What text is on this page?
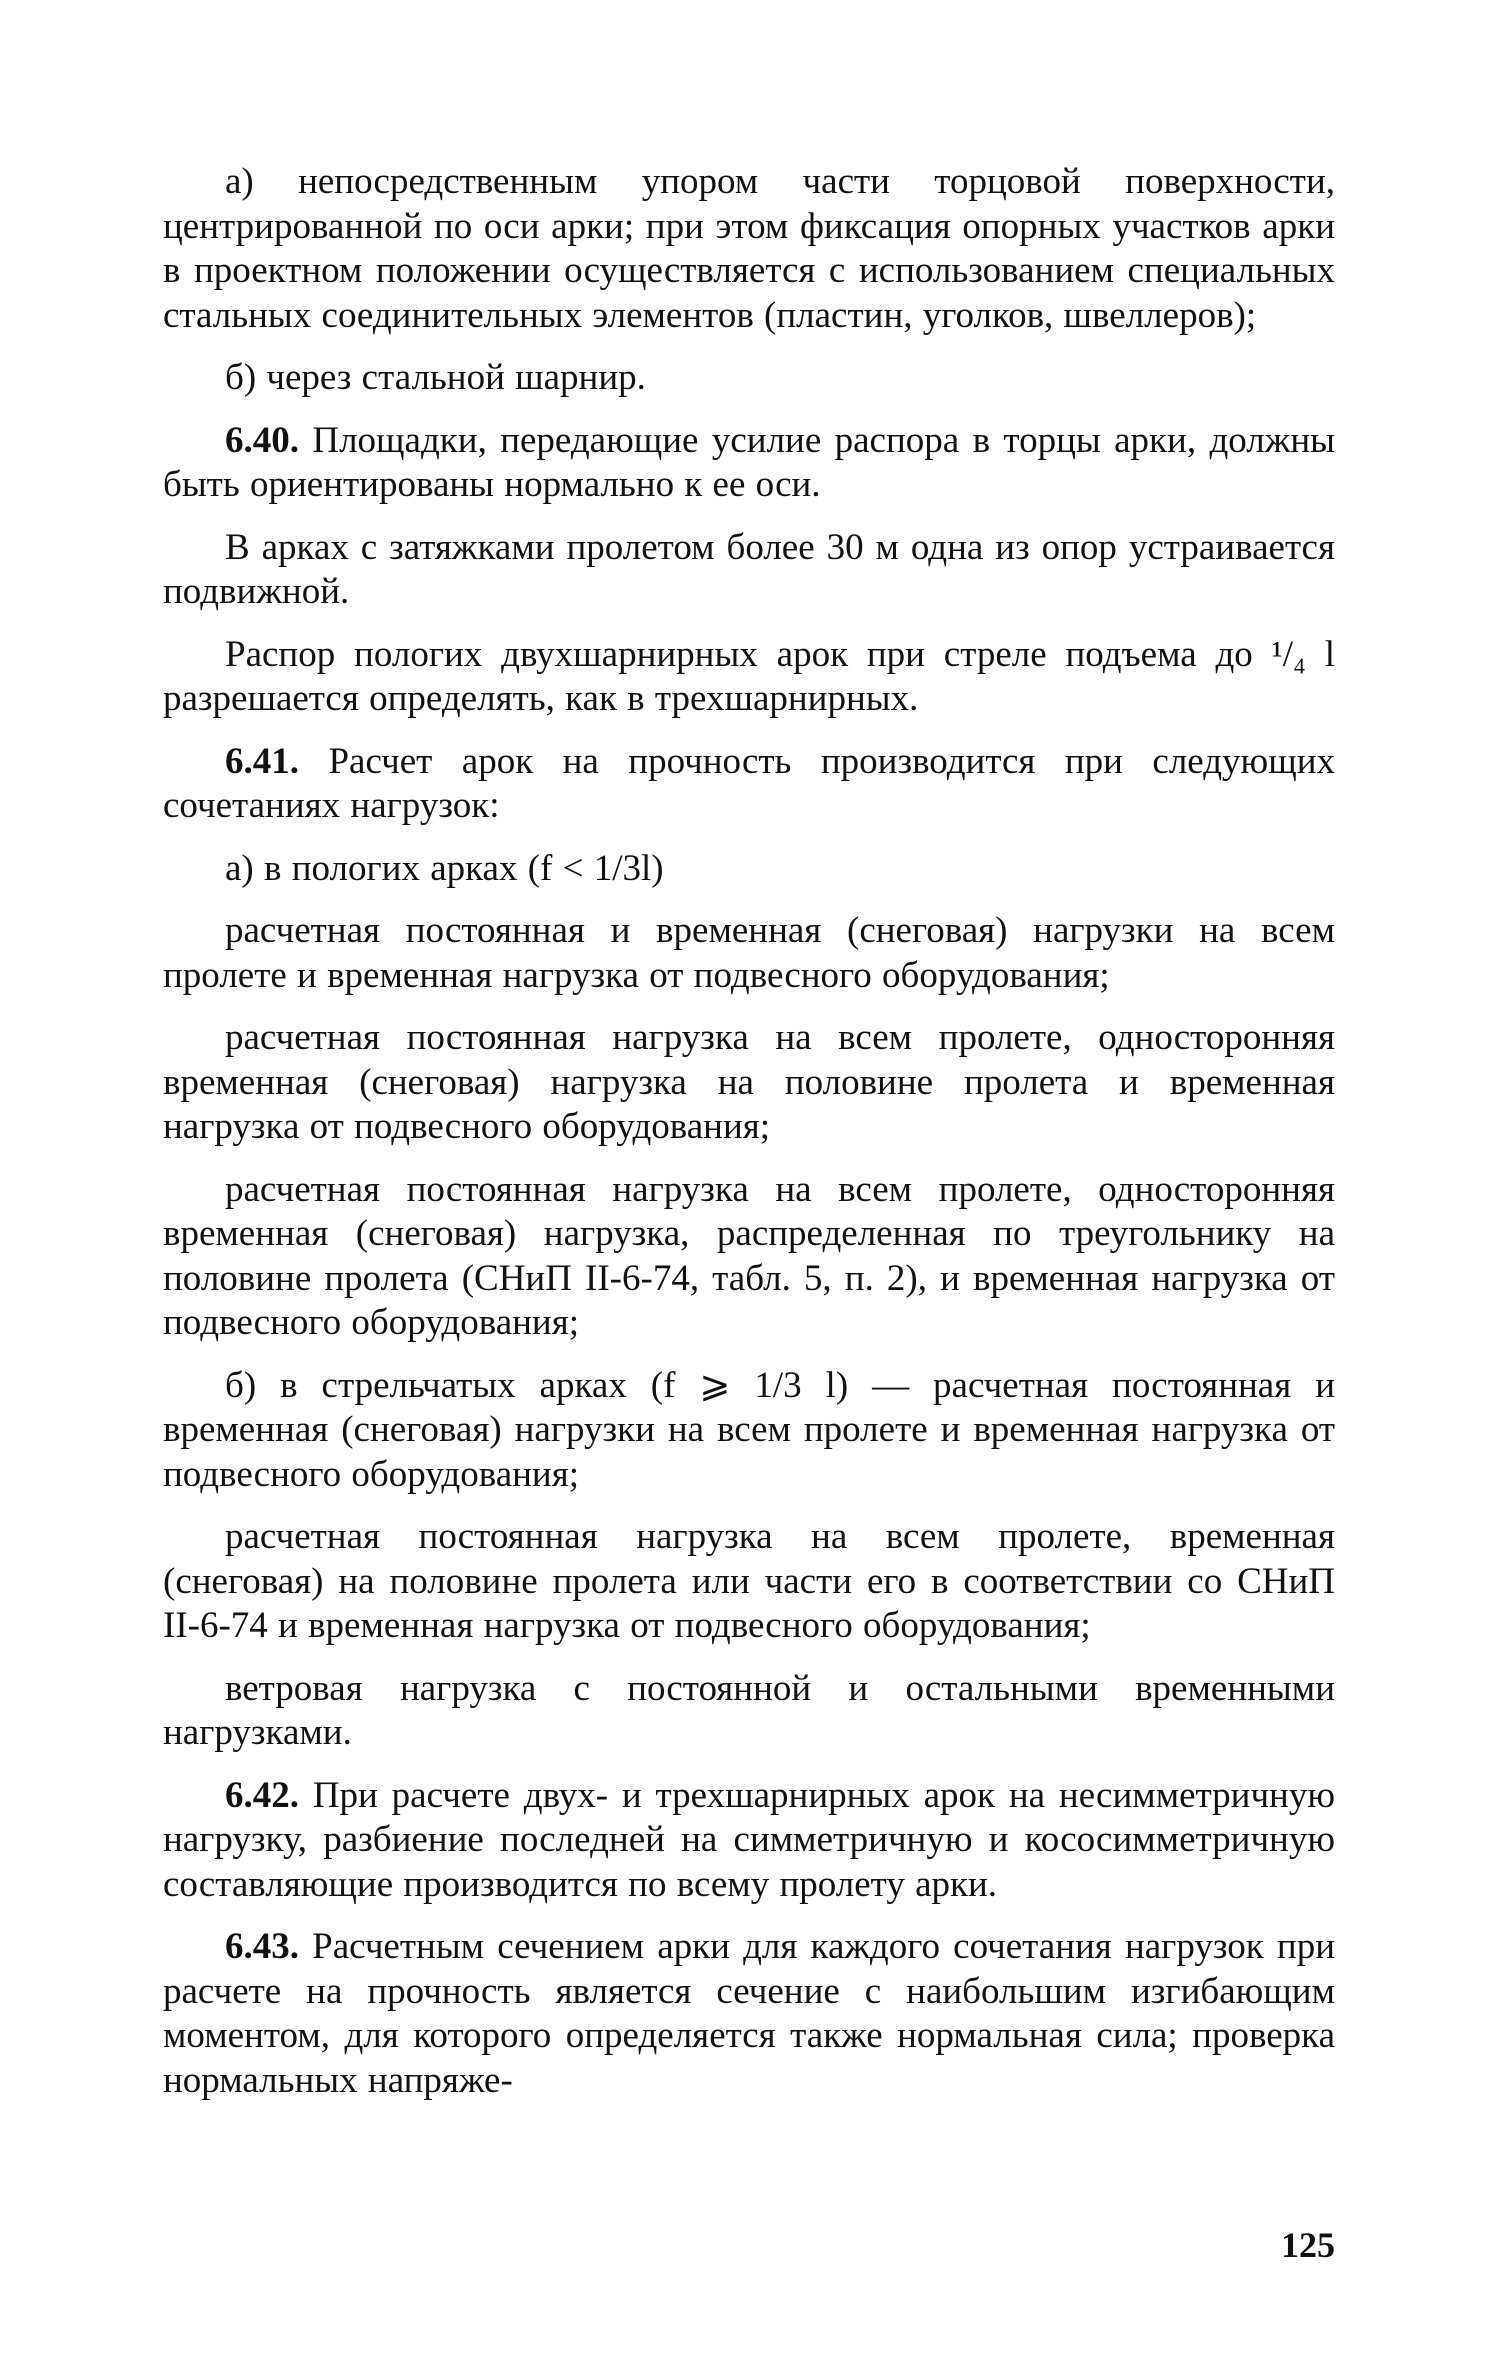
а) непосредственным упором части торцовой поверхности, центрированной по оси арки; при этом фиксация опорных участков арки в проектном положении осуществляется с использованием специальных стальных соединительных элементов (пластин, уголков, швеллеров);

б) через стальной шарнир.

6.40. Площадки, передающие усилие распора в торцы арки, должны быть ориентированы нормально к ее оси.

В арках с затяжками пролетом более 30 м одна из опор устраивается подвижной.

Распор пологих двухшарнирных арок при стреле подъема до ¹/₄ l разрешается определять, как в трехшарнирных.

6.41. Расчет арок на прочность производится при следующих сочетаниях нагрузок:

а) в пологих арках (f < 1/3l)

расчетная постоянная и временная (снеговая) нагрузки на всем пролете и временная нагрузка от подвесного оборудования;

расчетная постоянная нагрузка на всем пролете, односторонняя временная (снеговая) нагрузка на половине пролета и временная нагрузка от подвесного оборудования;

расчетная постоянная нагрузка на всем пролете, односторонняя временная (снеговая) нагрузка, распределенная по треугольнику на половине пролета (СНиП II-6-74, табл. 5, п. 2), и временная нагрузка от подвесного оборудования;

б) в стрельчатых арках (f ⩾ 1/3 l) — расчетная постоянная и временная (снеговая) нагрузки на всем пролете и временная нагрузка от подвесного оборудования;

расчетная постоянная нагрузка на всем пролете, временная (снеговая) на половине пролета или части его в соответствии со СНиП II-6-74 и временная нагрузка от подвесного оборудования;

ветровая нагрузка с постоянной и остальными временными нагрузками.

6.42. При расчете двух- и трехшарнирных арок на несимметричную нагрузку, разбиение последней на симметричную и кососимметричную составляющие производится по всему пролету арки.

6.43. Расчетным сечением арки для каждого сочетания нагрузок при расчете на прочность является сечение с наибольшим изгибающим моментом, для которого определяется также нормальная сила; проверка нормальных напряже-

125
